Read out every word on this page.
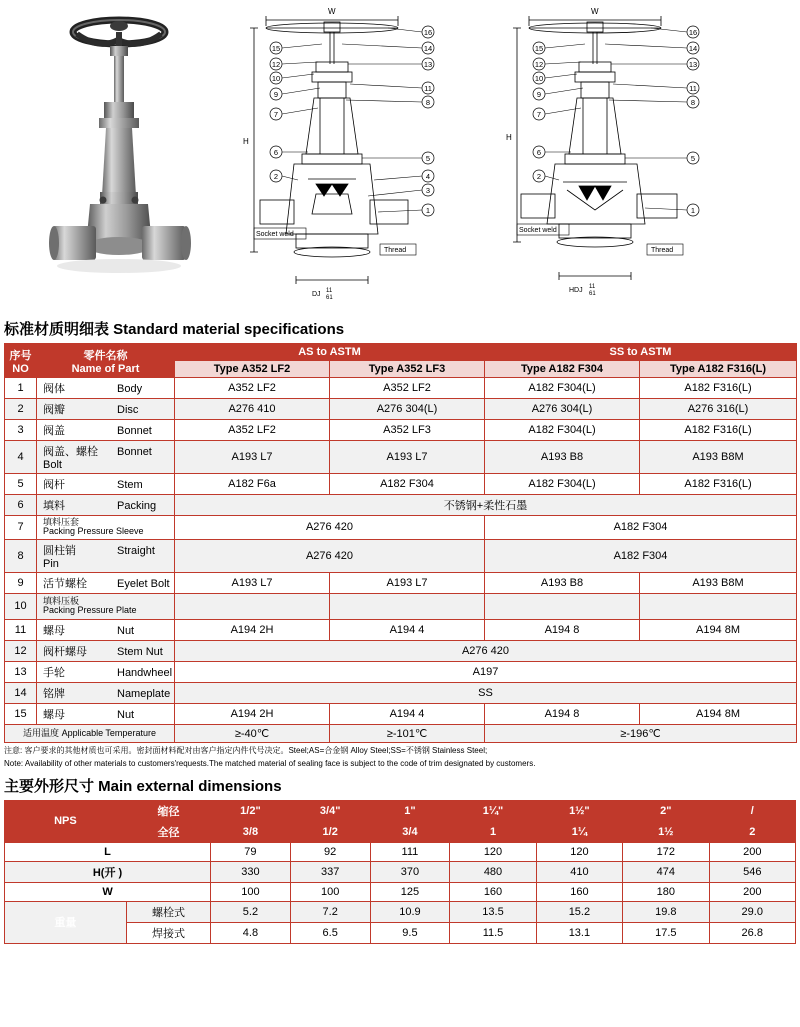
W
H
15
12
10
9
7
6
2
16
14
13
11
8
5
4
3
1
Socket weld
Thread
DJ 11
61
W
H
15
12
10
9
7
6
2
16
14
13
11
8
5
1
Socket weld
Thread
HDJ 11
61
标准材质明细表 Standard material specifications
序号
NO

零件名称
Name of Part
	AS to ASTM	SS to ASTM
		Type A352 LF2	Type A352 LF3	Type A182 F304	Type A182 F316(L)
1	阀体 Body	A352 LF2	A352 LF2	A182 F304(L)	A182 F316(L)
2	阀瓣 Disc	A276 410	A276 304(L)	A276 304(L)	A276 316(L)
3	阀盖 Bonnet	A352 LF2	A352 LF3	A182 F304(L)	A182 F316(L)
4	阀盖、螺栓 Bonnet Bolt	A193 L7	A193 L7	A193 B8	A193 B8M
5	阀杆 Stem	A182 F6a	A182 F304	A182 F304(L)	A182 F316(L)
6	填料 Packing	不锈钢+柔性石墨			
7	填料压套
Packing Pressure Sleeve	A276 420		A182 F304	
8	圆柱销 Straight Pin	A276 420		A182 F304	
9	活节螺栓 Eyelet Bolt	A193 L7	A193 L7	A193 B8	A193 B8M
10	填料压板
Packing Pressure Plate				

11	螺母 Nut	A194 2H	A194 4	A194 8	A194 8M
12	阀杆螺母 Stem Nut	A276 420			
13	手轮 Handwheel	A197			
14	铭牌 Nameplate	SS			
15	螺母 Nut	A194 2H	A194 4	A194 8	A194 8M
适用温度 Applicable Temperature		≥-40℃	≥-101℃	≥-196℃	
注意: 客户要求的其他材质也可采用。密封面材料配对由客户指定内件代号决定。Steel;AS=合金钢 Alloy Steel;SS=不锈钢 Stainless Steel;
Note: Availability of other materials to customers'requests.The matched material of sealing face is subject to the code of trim designated by customers.
主要外形尺寸 Main external dimensions
NPS	缩径	1/2"	3/4"	1"	1¼"	1½"	2"	/
	全径	3/8	1/2	3/4	1	1¼	1½	2
L		79	92	111	120	120	172	200
H(开 )		330	337	370	480	410	474	546
W		100	100	125	160	160	180	200
重量	螺栓式	5.2	7.2	10.9	13.5	15.2	19.8	29.0
	焊接式	4.8	6.5	9.5	11.5	13.1	17.5	26.8
